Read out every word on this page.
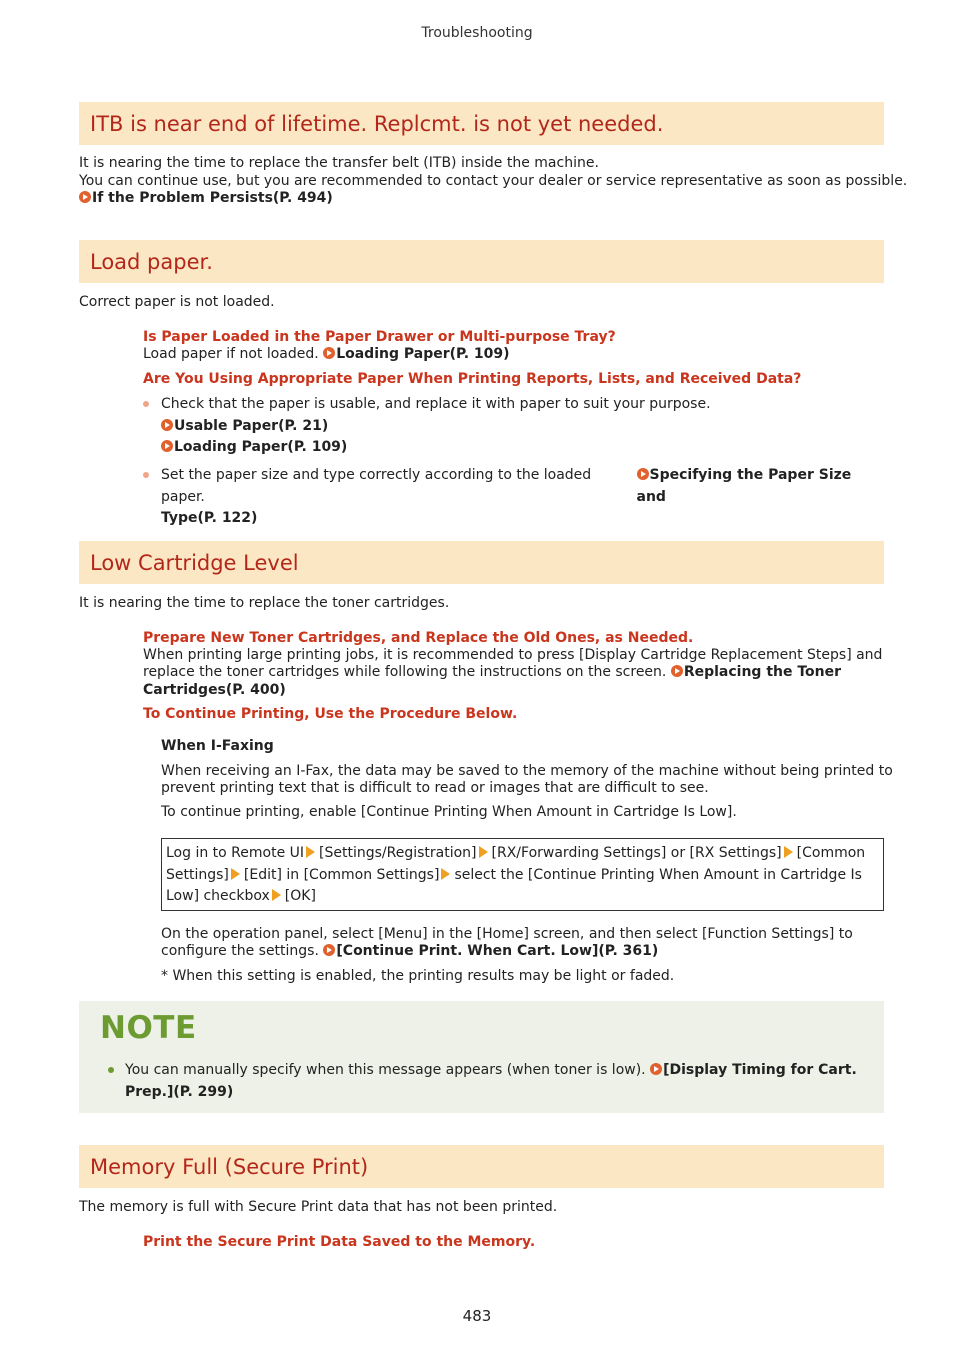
Troubleshooting
ITB is near end of lifetime. Replcmt. is not yet needed.
It is nearing the time to replace the transfer belt (ITB) inside the machine.
You can continue use, but you are recommended to contact your dealer or service representative as soon as possible.
If the Problem Persists(P. 494)
Load paper.
Correct paper is not loaded.
Is Paper Loaded in the Paper Drawer or Multi-purpose Tray?
Load paper if not loaded. Loading Paper(P. 109)
Are You Using Appropriate Paper When Printing Reports, Lists, and Received Data?
Check that the paper is usable, and replace it with paper to suit your purpose.
Usable Paper(P. 21)
Loading Paper(P. 109)
Set the paper size and type correctly according to the loaded paper.
Specifying the Paper Size and
Type(P. 122)
Low Cartridge Level
It is nearing the time to replace the toner cartridges.
Prepare New Toner Cartridges, and Replace the Old Ones, as Needed.
When printing large printing jobs, it is recommended to press [Display Cartridge Replacement Steps] and
replace the toner cartridges while following the instructions on the screen. Replacing the Toner
Cartridges(P. 400)
To Continue Printing, Use the Procedure Below.
When I-Faxing
When receiving an I-Fax, the data may be saved to the memory of the machine without being printed to
prevent printing text that is difficult to read or images that are difficult to see.
To continue printing, enable [Continue Printing When Amount in Cartridge Is Low].
Log in to Remote UI [Settings/Registration] [RX/Forwarding Settings] or [RX Settings] [Common
Settings] [Edit] in [Common Settings] select the [Continue Printing When Amount in Cartridge Is
Low] checkbox [OK]
On the operation panel, select [Menu] in the [Home] screen, and then select [Function Settings] to
configure the settings. [Continue Print. When Cart. Low](P. 361)
* When this setting is enabled, the printing results may be light or faded.
NOTE
You can manually specify when this message appears (when toner is low). [Display Timing for Cart.
Prep.](P. 299)
Memory Full (Secure Print)
The memory is full with Secure Print data that has not been printed.
Print the Secure Print Data Saved to the Memory.
483
